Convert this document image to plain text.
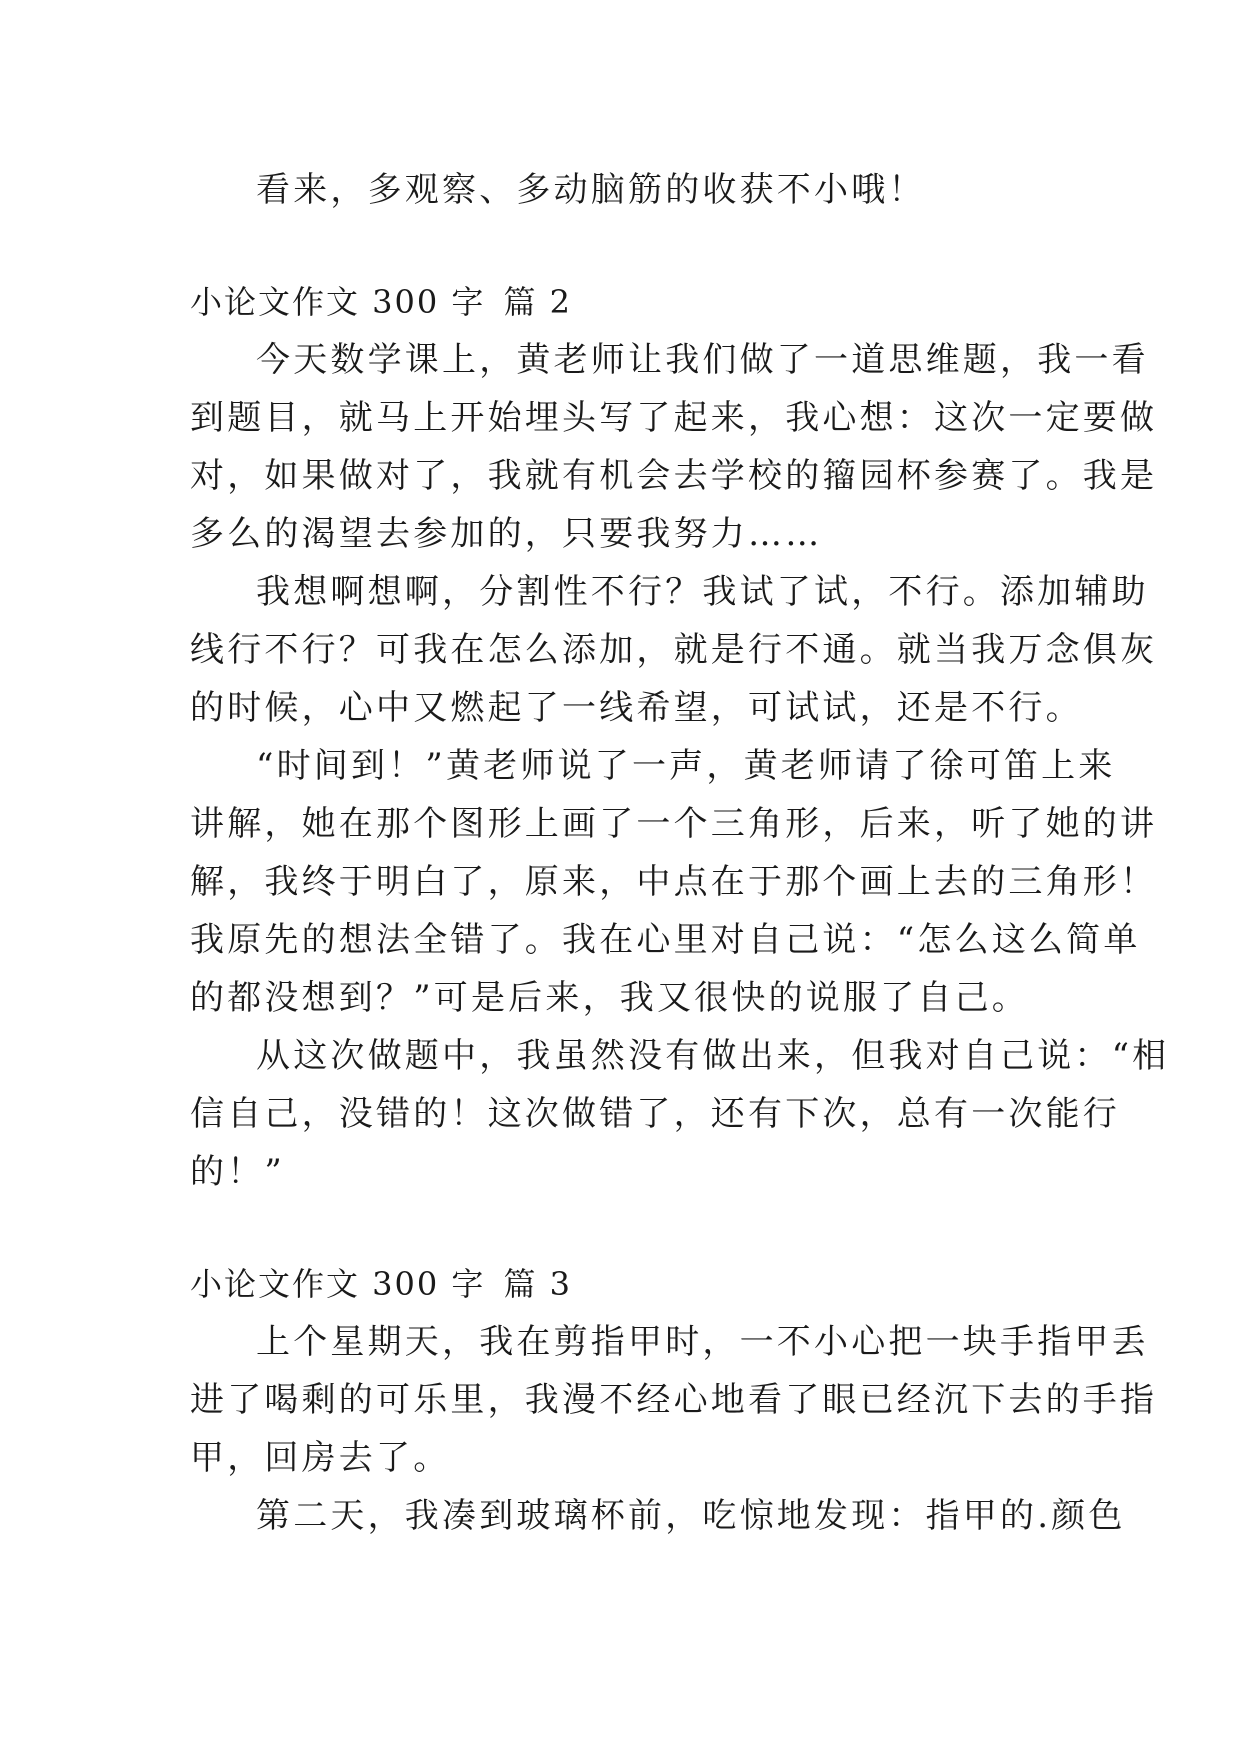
看来，多观察、多动脑筋的收获不小哦！
小论文作文 300 字 篇 2
今天数学课上，黄老师让我们做了一道思维题，我一看
到题目，就马上开始埋头写了起来，我心想：这次一定要做
对，如果做对了，我就有机会去学校的籀园杯参赛了。我是
多么的渴望去参加的，只要我努力……
我想啊想啊，分割性不行？我试了试，不行。添加辅助
线行不行？可我在怎么添加，就是行不通。就当我万念俱灰
的时候，心中又燃起了一线希望，可试试，还是不行。
“时间到！”黄老师说了一声，黄老师请了徐可笛上来
讲解，她在那个图形上画了一个三角形，后来，听了她的讲
解，我终于明白了，原来，中点在于那个画上去的三角形！
我原先的想法全错了。我在心里对自己说：“怎么这么简单
的都没想到？”可是后来，我又很快的说服了自己。
从这次做题中，我虽然没有做出来，但我对自己说：“相
信自己，没错的！这次做错了，还有下次，总有一次能行
的！”
小论文作文 300 字 篇 3
上个星期天，我在剪指甲时，一不小心把一块手指甲丢
进了喝剩的可乐里，我漫不经心地看了眼已经沉下去的手指
甲，回房去了。
第二天，我凑到玻璃杯前，吃惊地发现：指甲的.颜色
